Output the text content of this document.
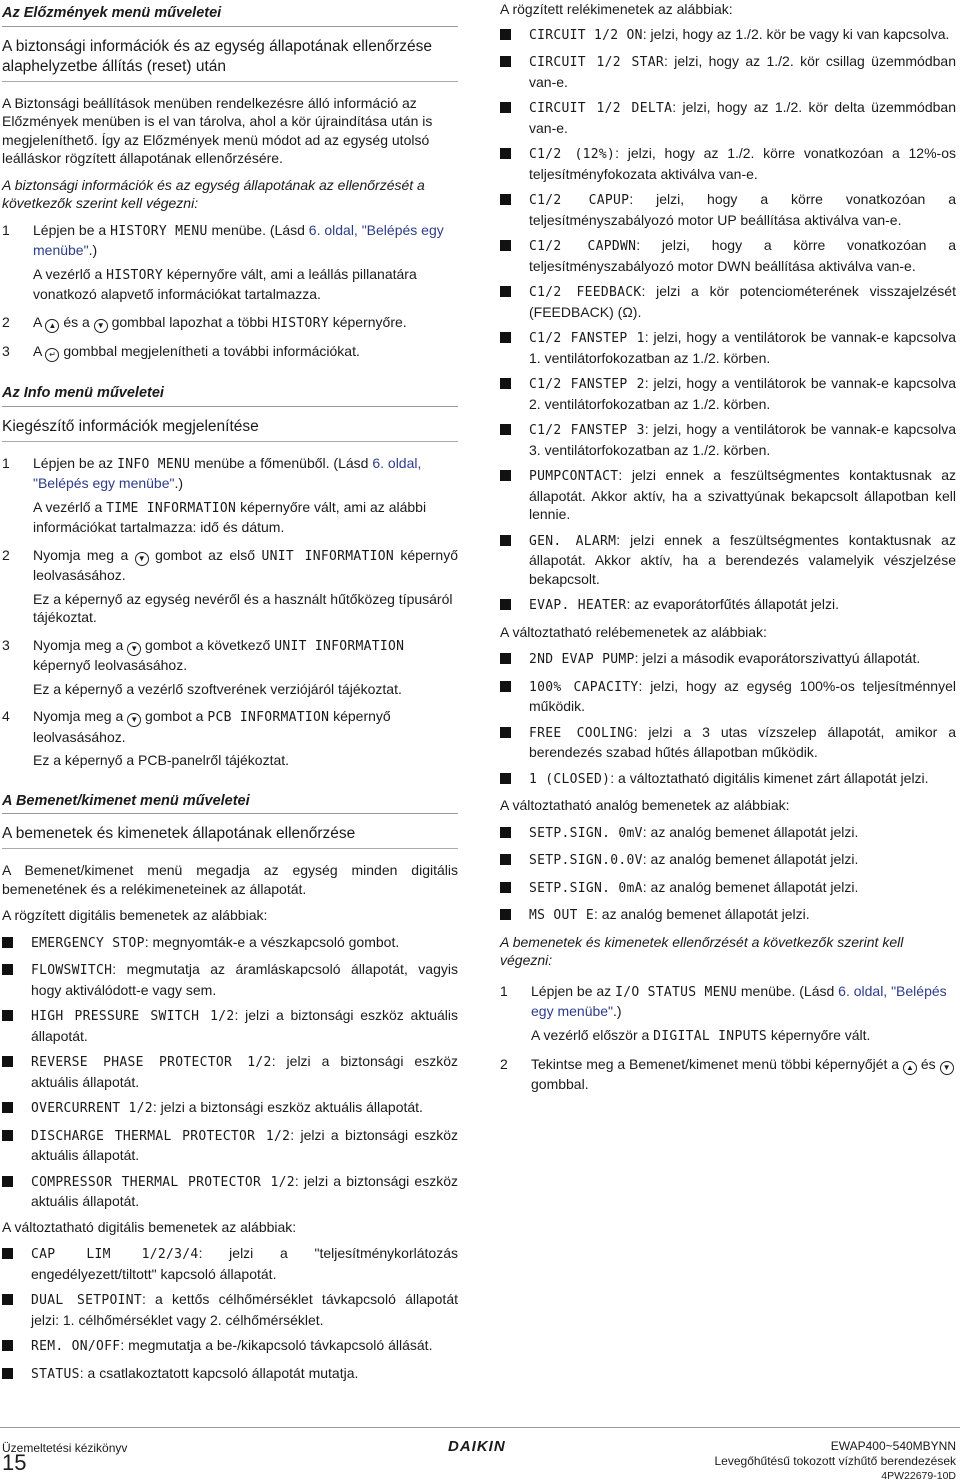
Az Előzmények menü műveletei
A biztonsági információk és az egység állapotának ellenőrzése alaphelyzetbe állítás (reset) után

A Biztonsági beállítások menüben rendelkezésre álló információ az Előzmények menüben is el van tárolva, ahol a kör újraindítása után is megjeleníthető. Így az Előzmények menü módot ad az egység utolsó leálláskor rögzített állapotának ellenőrzésére.

A biztonsági információk és az egység állapotának az ellenőrzését a következők szerint kell végezni:

1	Lépjen be a HISTORY MENU menübe. (Lásd 6. oldal, "Belépés egy menübe".)

A vezérlő a HISTORY képernyőre vált, ami a leállás pillanatára vonatkozó alapvető információkat tartalmazza.

2	A ▲ és a ▼ gombbal lapozhat a többi HISTORY képernyőre.

3	A ↵ gombbal megjelenítheti a további információkat.

Az Info menü műveletei
Kiegészítő információk megjelenítése
1	Lépjen be az INFO MENU menübe a főmenüből. (Lásd 6. oldal, "Belépés egy menübe".)

A vezérlő a TIME INFORMATION képernyőre vált, ami az alábbi információkat tartalmazza: idő és dátum.

2	Nyomja meg a ▼ gombot az első UNIT INFORMATION képernyő leolvasásához.

Ez a képernyő az egység nevéről és a használt hűtőközeg típusáról tájékoztat.

3	Nyomja meg a ▼ gombot a következő UNIT INFORMATION képernyő leolvasásához.

Ez a képernyő a vezérlő szoftverének verziójáról tájékoztat.

4	Nyomja meg a ▼ gombot a PCB INFORMATION képernyő leolvasásához.

Ez a képernyő a PCB-panelről tájékoztat.

A Bemenet/kimenet menü műveletei
A bemenetek és kimenetek állapotának ellenőrzése

A Bemenet/kimenet menü megadja az egység minden digitális bemenetének és a relékimeneteinek az állapotát.

A rögzített digitális bemenetek az alábbiak:

EMERGENCY STOP: megnyomták-e a vészkapcsoló gombot.
FLOWSWITCH: megmutatja az áramláskapcsoló állapotát, vagyis hogy aktiválódott-e vagy sem.
HIGH PRESSURE SWITCH 1/2: jelzi a biztonsági eszköz aktuális állapotát.
REVERSE PHASE PROTECTOR 1/2: jelzi a biztonsági eszköz aktuális állapotát.
OVERCURRENT 1/2: jelzi a biztonsági eszköz aktuális állapotát.
DISCHARGE THERMAL PROTECTOR 1/2: jelzi a biztonsági eszköz aktuális állapotát.
COMPRESSOR THERMAL PROTECTOR 1/2: jelzi a biztonsági eszköz aktuális állapotát.

A változtatható digitális bemenetek az alábbiak:

CAP LIM 1/2/3/4: jelzi a "teljesítménykorlátozás engedélyezett/tiltott" kapcsoló állapotát.
DUAL SETPOINT: a kettős célhőmérséklet távkapcsoló állapotát jelzi: 1. célhőmérséklet vagy 2. célhőmérséklet.
REM. ON/OFF: megmutatja a be-/kikapcsoló távkapcsoló állását.
STATUS: a csatlakoztatott kapcsoló állapotát mutatja.

A rögzített relékimenetek az alábbiak:

CIRCUIT 1/2 ON: jelzi, hogy az 1./2. kör be vagy ki van kapcsolva.
CIRCUIT 1/2 STAR: jelzi, hogy az 1./2. kör csillag üzemmódban van-e.
CIRCUIT 1/2 DELTA: jelzi, hogy az 1./2. kör delta üzemmódban van-e.
C1/2 (12%): jelzi, hogy az 1./2. körre vonatkozóan a 12%-os teljesítményfokozata aktiválva van-e.
C1/2 CAPUP: jelzi, hogy a körre vonatkozóan a teljesítményszabályozó motor UP beállítása aktiválva van-e.
C1/2 CAPDWN: jelzi, hogy a körre vonatkozóan a teljesítményszabályozó motor DWN beállítása aktiválva van-e.
C1/2 FEEDBACK: jelzi a kör potenciométerének visszajelzését (FEEDBACK) (Ω).
C1/2 FANSTEP 1: jelzi, hogy a ventilátorok be vannak-e kapcsolva 1. ventilátorfokozatban az 1./2. körben.
C1/2 FANSTEP 2: jelzi, hogy a ventilátorok be vannak-e kapcsolva 2. ventilátorfokozatban az 1./2. körben.
C1/2 FANSTEP 3: jelzi, hogy a ventilátorok be vannak-e kapcsolva 3. ventilátorfokozatban az 1./2. körben.
PUMPCONTACT: jelzi ennek a feszültségmentes kontaktusnak az állapotát. Akkor aktív, ha a szivattyúnak bekapcsolt állapotban kell lennie.
GEN. ALARM: jelzi ennek a feszültségmentes kontaktusnak az állapotát. Akkor aktív, ha a berendezés valamelyik vészjelzése bekapcsolt.
EVAP. HEATER: az evaporátorfűtés állapotát jelzi.

A változtatható relébemenetek az alábbiak:

2ND EVAP PUMP: jelzi a második evaporátorszivattyú állapotát.
100% CAPACITY: jelzi, hogy az egység 100%-os teljesítménnyel működik.
FREE COOLING: jelzi a 3 utas vízszelep állapotát, amikor a berendezés szabad hűtés állapotban működik.
1 (CLOSED): a változtatható digitális kimenet zárt állapotát jelzi.

A változtatható analóg bemenetek az alábbiak:

SETP.SIGN. 0mV: az analóg bemenet állapotát jelzi.
SETP.SIGN.0.0V: az analóg bemenet állapotát jelzi.
SETP.SIGN. 0mA: az analóg bemenet állapotát jelzi.
MS OUT E: az analóg bemenet állapotát jelzi.

A bemenetek és kimenetek ellenőrzését a következők szerint kell végezni:

1	Lépjen be az I/O STATUS MENU menübe. (Lásd 6. oldal, "Belépés egy menübe".)

A vezérlő először a DIGITAL INPUTS képernyőre vált.

2	Tekintse meg a Bemenet/kimenet menü többi képernyőjét a ▲ és ▼ gombbal.

Üzemeltetési kézikönyv
15
DAIKIN	EWAP400~540MBYNN
Levegőhűtésű tokozott vízhűtő berendezések
4PW22679-10D
